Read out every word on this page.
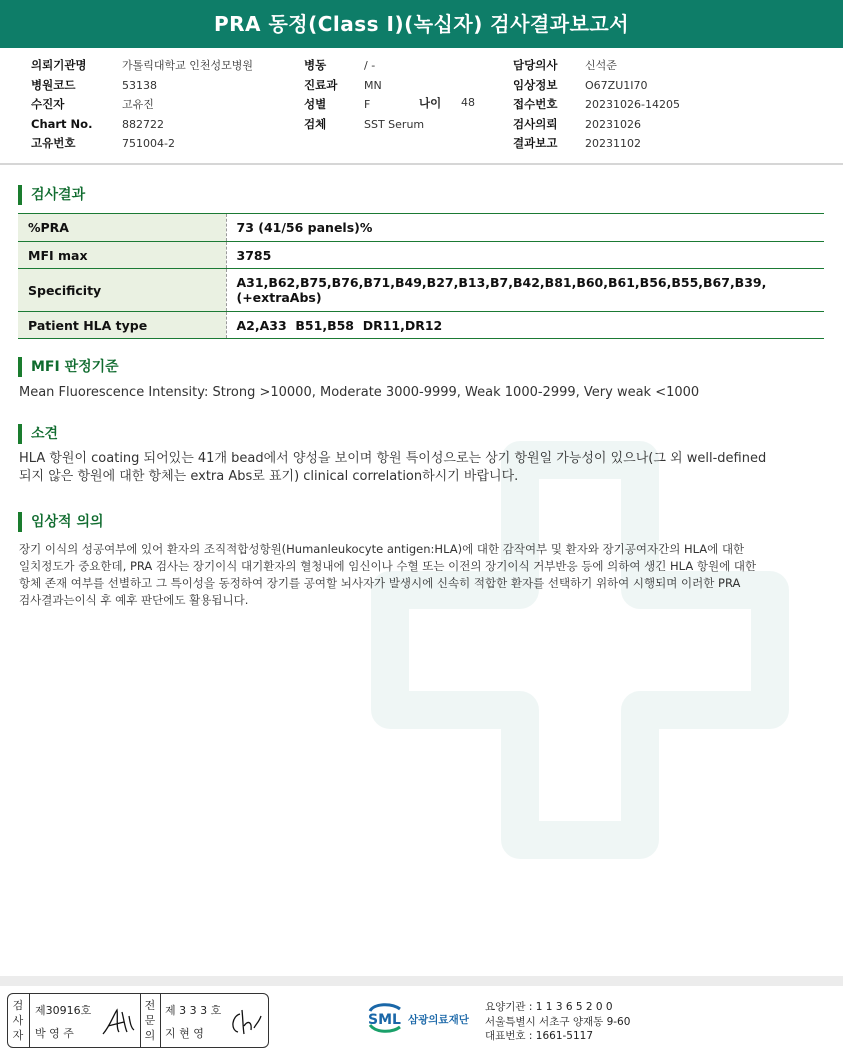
PRA 동정(Class I)(녹십자) 검사결과보고서
의뢰기관명	가톨릭대학교 인천성모병원
병원코드	53138
수진자	고유진
Chart No.	882722
고유번호	751004-2
병동	/ -
진료과	MN
성별	F
검체	SST Serum
나이 48
담당의사	신석준
임상정보	O67ZU1I70
접수번호	20231026-14205
검사의뢰	20231026
결과보고	20231102
검사결과
%PRA	73 (41/56 panels)%
MFI max	3785
Specificity	A31,B62,B75,B76,B71,B49,B27,B13,B7,B42,B81,B60,B61,B56,B55,B67,B39,
(+extraAbs)

Patient HLA type	A2,A33  B51,B58  DR11,DR12
MFI 판정기준
Mean Fluorescence Intensity: Strong >10000, Moderate 3000-9999, Weak 1000-2999, Very weak <1000
소견
HLA 항원이 coating 되어있는 41개 bead에서 양성을 보이며 항원 특이성으로는 상기 항원일 가능성이 있으나(그 외 well-defined
되지 않은 항원에 대한 항체는 extra Abs로 표기) clinical correlation하시기 바랍니다.
임상적 의의
장기 이식의 성공여부에 있어 환자의 조직적합성항원(Humanleukocyte antigen:HLA)에 대한 감작여부 및 환자와 장기공여자간의 HLA에 대한
일치정도가 중요한데, PRA 검사는 장기이식 대기환자의 혈청내에 임신이나 수혈 또는 이전의 장기이식 거부반응 등에 의하여 생긴 HLA 항원에 대한
항체 존재 여부를 선별하고 그 특이성을 동정하여 장기를 공여할 뇌사자가 발생시에 신속히 적합한 환자를 선택하기 위하여 시행되며 이러한 PRA
검사결과는이식 후 예후 판단에도 활용됩니다.
검
사
자
제30916호
박 영 주
전
문
의
제 3 3 3 호
지 현 영
SML 삼광의료재단
요양기관 : 1 1 3 6 5 2 0 0
서울특별시 서초구 양재동 9-60
대표번호 : 1661-5117
